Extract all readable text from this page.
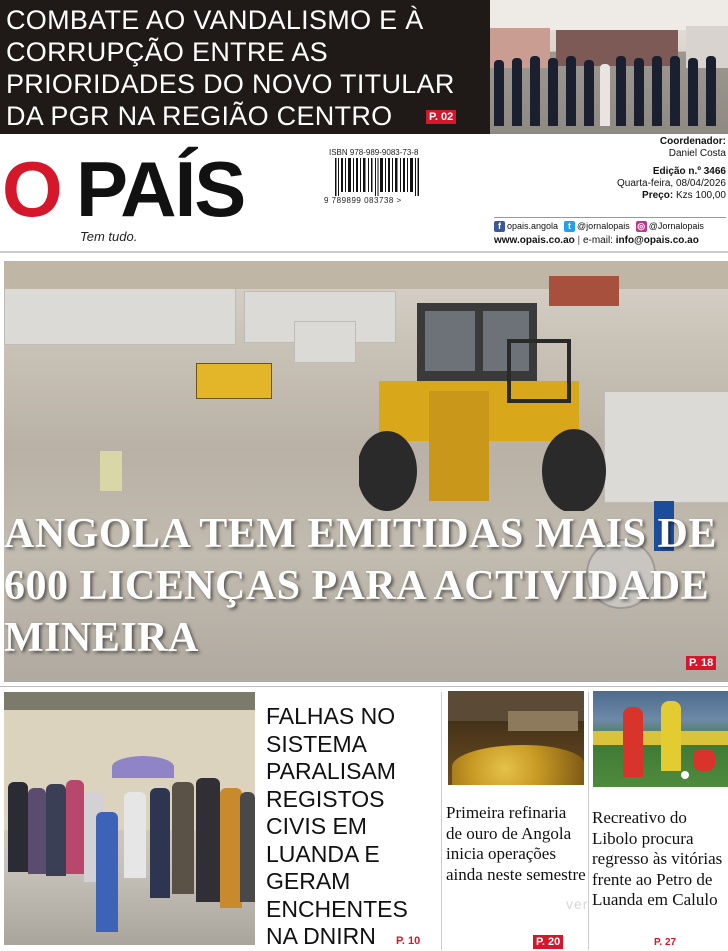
COMBATE AO VANDALISMO E À CORRUPÇÃO ENTRE AS PRIORIDADES DO NOVO TITULAR DA PGR NA REGIÃO CENTRO	P. 02
O PAÍS
Tem tudo.
ISBN 978-989-9083-73-8
9 789899 083738 >
Coordenador:
Daniel Costa
Edição n.º 3466
Quarta-feira, 08/04/2026
Preço: Kzs 100,00
f opais.angola	t @jornalopais ◎ @Jornalopais
www.opais.co.ao | e-mail: info@opais.co.ao
ANGOLA TEM EMITIDAS MAIS DE 600 LICENÇAS PARA ACTIVIDADE MINEIRA
P. 18
FALHAS NO SISTEMA PARALISAM REGISTOS CIVIS EM LUANDA E GERAM ENCHENTES NA DNIRN	P. 10
Primeira refinaria de ouro de Angola inicia operações ainda neste semestre
P. 20
Recreativo do Libolo procura regresso às vitórias frente ao Petro de Luanda em Calulo
P. 27
ver
